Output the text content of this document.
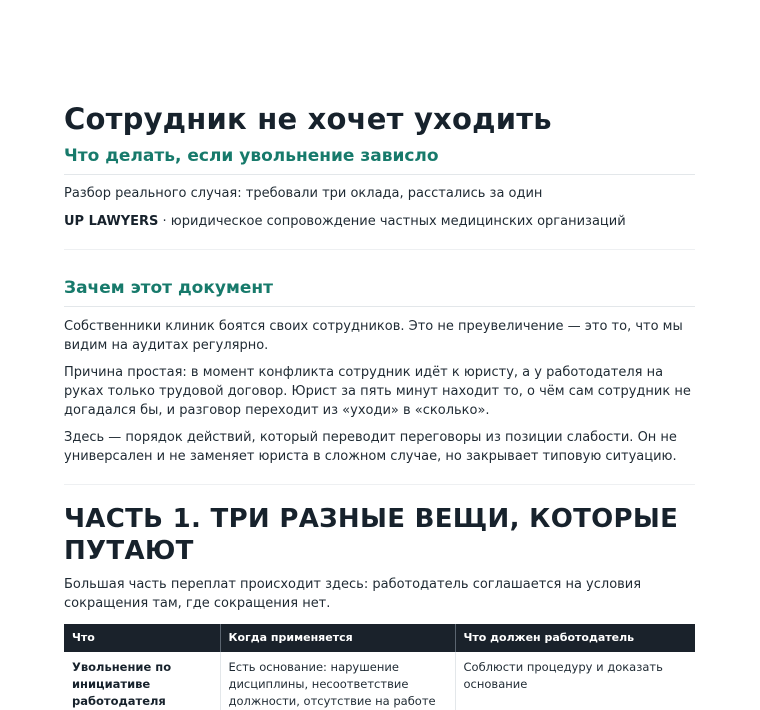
Сотрудник не хочет уходить
Что делать, если увольнение зависло

Разбор реального случая: требовали три оклада, расстались за один

UP LAWYERS · юридическое сопровождение частных медицинских организаций

Зачем этот документ

Собственники клиник боятся своих сотрудников. Это не преувеличение — это то, что мы видим на аудитах регулярно.

Причина простая: в момент конфликта сотрудник идёт к юристу, а у работодателя на руках только трудовой договор. Юрист за пять минут находит то, о чём сам сотрудник не догадался бы, и разговор переходит из «уходи» в «сколько».

Здесь — порядок действий, который переводит переговоры из позиции слабости. Он не универсален и не заменяет юриста в сложном случае, но закрывает типовую ситуацию.

ЧАСТЬ 1. ТРИ РАЗНЫЕ ВЕЩИ, КОТОРЫЕ ПУТАЮТ

Большая часть переплат происходит здесь: работодатель соглашается на условия сокращения там, где сокращения нет.

Что	Когда применяется	Что должен работодатель
Увольнение по инициативе работодателя	Есть основание: нарушение дисциплины, несоответствие должности, отсутствие на работе	Соблюсти процедуру и доказать основание
